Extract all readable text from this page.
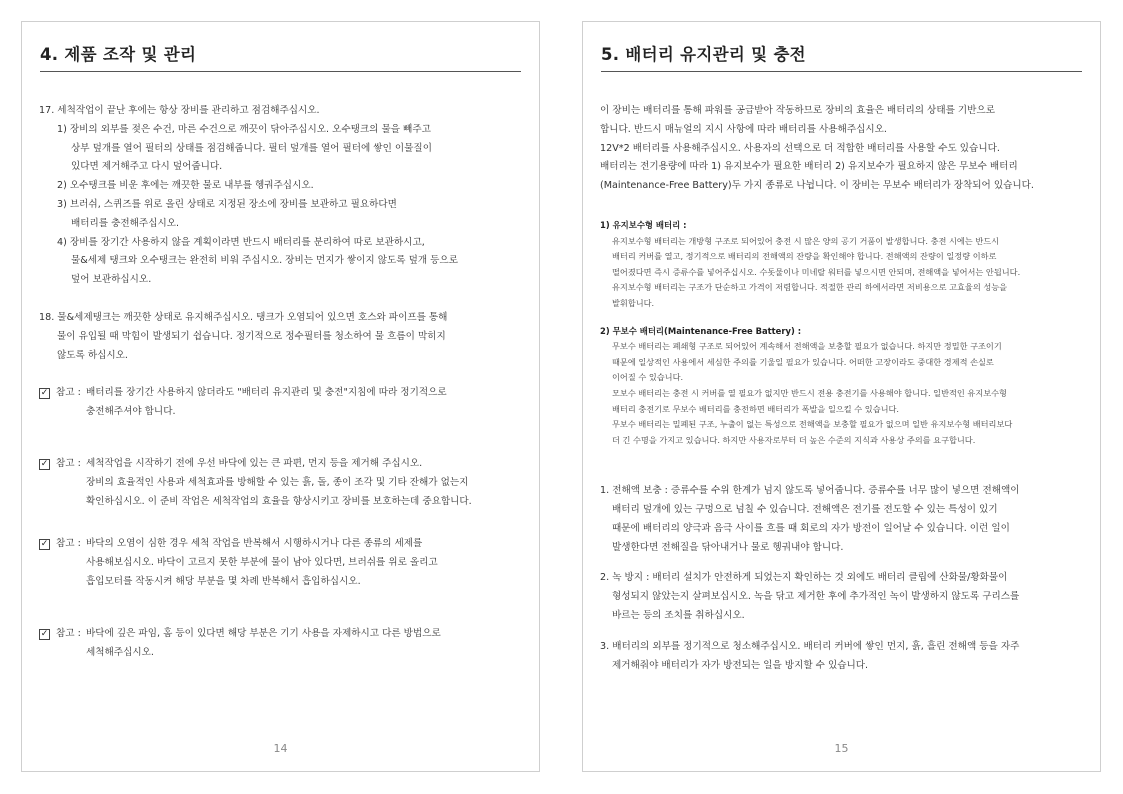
4. 제품 조작 및 관리

17. 세척작업이 끝난 후에는 항상 장비를 관리하고 점검해주십시오.

1) 장비의 외부를 젖은 수건, 마른 수건으로 깨끗이 닦아주십시오. 오수탱크의 물을 빼주고

상부 덮개를 열어 필터의 상태를 점검해줍니다. 필터 덮개를 열어 필터에 쌓인 이물질이

있다면 제거해주고 다시 덮어줍니다.

2) 오수탱크를 비운 후에는 깨끗한 물로 내부를 헹궈주십시오.

3) 브러쉬, 스퀴즈를 위로 올린 상태로 지정된 장소에 장비를 보관하고 필요하다면

배터리를 충전해주십시오.

4) 장비를 장기간 사용하지 않을 계획이라면 반드시 배터리를 분리하여 따로 보관하시고,

물&세제 탱크와 오수탱크는 완전히 비워 주십시오. 장비는 먼지가 쌓이지 않도록 덮개 등으로

덮어 보관하십시오.

18. 물&세제탱크는 깨끗한 상태로 유지해주십시오. 탱크가 오염되어 있으면 호스와 파이프를 통해

물이 유입될 때 막힘이 발생되기 쉽습니다. 정기적으로 정수필터를 청소하여 물 흐름이 막히지

않도록 하십시오.

✓ 참고 : 배터리를 장기간 사용하지 않더라도 "배터리 유지관리 및 충전"지침에 따라 정기적으로

충전해주셔야 합니다.

✓ 참고 : 세척작업을 시작하기 전에 우선 바닥에 있는 큰 파편, 먼지 등을 제거해 주십시오.

장비의 효율적인 사용과 세척효과를 방해할 수 있는 흙, 돌, 종이 조각 및 기타 잔해가 없는지

확인하십시오. 이 준비 작업은 세척작업의 효율을 향상시키고 장비를 보호하는데 중요합니다.

✓ 참고 : 바닥의 오염이 심한 경우 세척 작업을 반복해서 시행하시거나 다른 종류의 세제를

사용해보십시오. 바닥이 고르지 못한 부분에 물이 남아 있다면, 브러쉬를 위로 올리고

흡입모터를 작동시켜 해당 부분을 몇 차례 반복해서 흡입하십시오.

✓ 참고 : 바닥에 깊은 파임, 홈 등이 있다면 해당 부분은 기기 사용을 자제하시고 다른 방법으로

세척해주십시오.

14
5. 배터리 유지관리 및 충전

이 장비는 배터리를 통해 파워를 공급받아 작동하므로 장비의 효율은 배터리의 상태를 기반으로

합니다. 반드시 매뉴얼의 지시 사항에 따라 배터리를 사용해주십시오.

12V*2 배터리를 사용해주십시오. 사용자의 선택으로 더 적합한 배터리를 사용할 수도 있습니다.

배터리는 전기용량에 따라 1) 유지보수가 필요한 배터리 2) 유지보수가 필요하지 않은 무보수 배터리

(Maintenance-Free Battery)두 가지 종류로 나뉩니다. 이 장비는 무보수 배터리가 장착되어 있습니다.

1) 유지보수형 배터리 :

유지보수형 배터리는 개방형 구조로 되어있어 충전 시 많은 양의 공기 거품이 발생합니다. 충전 시에는 반드시

배터리 커버를 열고, 정기적으로 배터리의 전해액의 잔량을 확인해야 합니다. 전해액의 잔량이 일정량 이하로

떨어졌다면 즉시 증류수를 넣어주십시오. 수돗물이나 미네랄 워터를 넣으시면 안되며, 전해액을 넣어서는 안됩니다.

유지보수형 배터리는 구조가 단순하고 가격이 저렴합니다. 적절한 관리 하에서라면 저비용으로 고효율의 성능을

발휘합니다.

2) 무보수 배터리(Maintenance-Free Battery) :

무보수 배터리는 폐쇄형 구조로 되어있어 계속해서 전해액을 보충할 필요가 없습니다. 하지만 정밀한 구조이기

때문에 일상적인 사용에서 세심한 주의를 기울일 필요가 있습니다. 어떠한 고장이라도 중대한 경제적 손실로

이어질 수 있습니다.

모보수 배터리는 충전 시 커버를 열 필요가 없지만 반드시 전용 충전기를 사용해야 합니다. 일반적인 유지보수형

배터리 충전기로 무보수 배터리를 충전하면 배터리가 폭발을 일으킬 수 있습니다.

무보수 배터리는 밀폐된 구조, 누출이 없는 특성으로 전해액을 보충할 필요가 없으며 일반 유지보수형 배터리보다

더 긴 수명을 가지고 있습니다. 하지만 사용자로부터 더 높은 수준의 지식과 사용상 주의를 요구합니다.

1. 전해액 보충 : 증류수를 수위 한계가 넘지 않도록 넣어줍니다. 증류수를 너무 많이 넣으면 전해액이

배터리 덮개에 있는 구멍으로 넘칠 수 있습니다. 전해액은 전기를 전도할 수 있는 특성이 있기

때문에 배터리의 양극과 음극 사이를 흐를 때 회로의 자가 방전이 일어날 수 있습니다. 이런 일이

발생한다면 전해질을 닦아내거나 물로 헹궈내야 합니다.

2. 녹 방지 : 배터리 설치가 안전하게 되었는지 확인하는 것 외에도 배터리 클립에 산화물/황화물이

형성되지 않았는지 살펴보십시오. 녹을 닦고 제거한 후에 추가적인 녹이 발생하지 않도록 구리스를

바르는 등의 조치를 취하십시오.

3. 배터리의 외부를 정기적으로 청소해주십시오. 배터리 커버에 쌓인 먼지, 흙, 흘린 전해액 등을 자주

제거해줘야 배터리가 자가 방전되는 일을 방지할 수 있습니다.

15
